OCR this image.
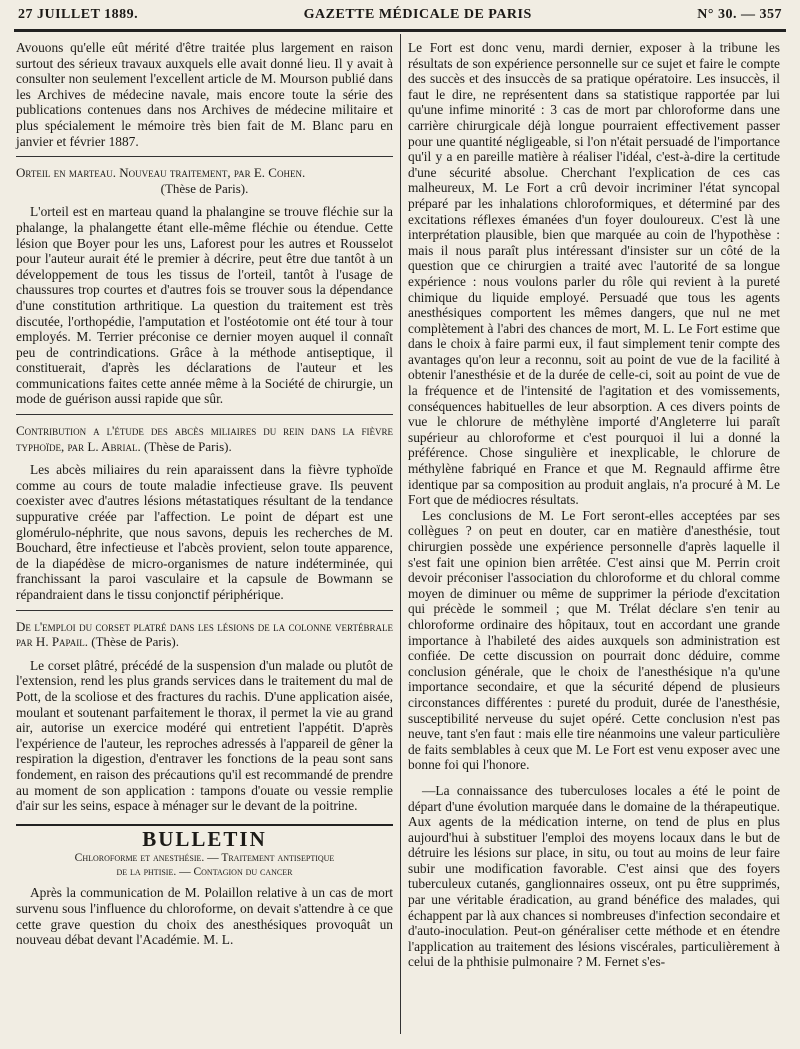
27 JUILLET 1889.	GAZETTE MÉDICALE DE PARIS	N° 30. — 357

Avouons qu'elle eût mérité d'être traitée plus largement en raison surtout des sérieux travaux auxquels elle avait donné lieu. Il y avait à consulter non seulement l'excellent article de M. Mourson publié dans les Archives de médecine navale, mais encore toute la série des publications contenues dans nos Archives de médecine militaire et plus spécialement le mémoire très bien fait de M. Blanc paru en janvier et février 1887.

Orteil en marteau. Nouveau traitement, par E. Cohen.
(Thèse de Paris).

L'orteil est en marteau quand la phalangine se trouve fléchie sur la phalange, la phalangette étant elle-même fléchie ou étendue. Cette lésion que Boyer pour les uns, Laforest pour les autres et Rousselot pour l'auteur aurait été le premier à décrire, peut être due tantôt à un développement de tous les tissus de l'orteil, tantôt à l'usage de chaussures trop courtes et d'autres fois se trouver sous la dépendance d'une constitution arthritique. La question du traitement est très discutée, l'orthopédie, l'amputation et l'ostéotomie ont été tour à tour employés. M. Terrier préconise ce dernier moyen auquel il connaît peu de contrindications. Grâce à la méthode antiseptique, il constituerait, d'après les déclarations de l'auteur et les communications faites cette année même à la Société de chirurgie, un mode de guérison aussi rapide que sûr.

Contribution a l'étude des abcès miliaires du rein dans la fièvre typhoïde, par L. Abrial. (Thèse de Paris).

Les abcès miliaires du rein aparaissent dans la fièvre typhoïde comme au cours de toute maladie infectieuse grave. Ils peuvent coexister avec d'autres lésions métastatiques résultant de la tendance suppurative créée par l'affection. Le point de départ est une glomérulo-néphrite, que nous savons, depuis les recherches de M. Bouchard, être infectieuse et l'abcès provient, selon toute apparence, de la diapédèse de micro-organismes de nature indéterminée, qui franchissant la paroi vasculaire et la capsule de Bowmann se répandraient dans le tissu conjonctif périphérique.

De l'emploi du corset platré dans les lésions de la colonne vertébrale par H. Papail. (Thèse de Paris).

Le corset plâtré, précédé de la suspension d'un malade ou plutôt de l'extension, rend les plus grands services dans le traitement du mal de Pott, de la scoliose et des fractures du rachis. D'une application aisée, moulant et soutenant parfaitement le thorax, il permet la vie au grand air, autorise un exercice modéré qui entretient l'appétit. D'après l'expérience de l'auteur, les reproches adressés à l'appareil de gêner la respiration la digestion, d'entraver les fonctions de la peau sont sans fondement, en raison des précautions qu'il est recommandé de prendre au moment de son application : tampons d'ouate ou vessie remplie d'air sur les seins, espace à ménager sur le devant de la poitrine.

BULLETIN
Chloroforme et anesthésie. — Traitement antiseptique
de la phtisie. — Contagion du cancer

Après la communication de M. Polaillon relative à un cas de mort survenu sous l'influence du chloroforme, on devait s'attendre à ce que cette grave question du choix des anesthésiques provoquât un nouveau débat devant l'Académie. M. L.

Le Fort est donc venu, mardi dernier, exposer à la tribune les résultats de son expérience personnelle sur ce sujet et faire le compte des succès et des insuccès de sa pratique opératoire. Les insuccès, il faut le dire, ne représentent dans sa statistique rapportée par lui qu'une infime minorité : 3 cas de mort par chloroforme dans une carrière chirurgicale déjà longue pourraient effectivement passer pour une quantité négligeable, si l'on n'était persuadé de l'importance qu'il y a en pareille matière à réaliser l'idéal, c'est-à-dire la certitude d'une sécurité absolue. Cherchant l'explication de ces cas malheureux, M. Le Fort a crû devoir incriminer l'état syncopal préparé par les inhalations chloroformiques, et déterminé par des excitations réflexes émanées d'un foyer douloureux. C'est là une interprétation plausible, bien que marquée au coin de l'hypothèse : mais il nous paraît plus intéressant d'insister sur un côté de la question que ce chirurgien a traité avec l'autorité de sa longue expérience : nous voulons parler du rôle qui revient à la pureté chimique du liquide employé. Persuadé que tous les agents anesthésiques comportent les mêmes dangers, que nul ne met complètement à l'abri des chances de mort, M. L. Le Fort estime que dans le choix à faire parmi eux, il faut simplement tenir compte des avantages qu'on leur a reconnu, soit au point de vue de la facilité à obtenir l'anesthésie et de la durée de celle-ci, soit au point de vue de la fréquence et de l'intensité de l'agitation et des vomissements, conséquences habituelles de leur absorption. A ces divers points de vue le chlorure de méthylène importé d'Angleterre lui paraît supérieur au chloroforme et c'est pourquoi il lui a donné la préférence. Chose singulière et inexplicable, le chlorure de méthylène fabriqué en France et que M. Regnauld affirme être identique par sa composition au produit anglais, n'a procuré à M. Le Fort que de médiocres résultats.

Les conclusions de M. Le Fort seront-elles acceptées par ses collègues ? on peut en douter, car en matière d'anesthésie, tout chirurgien possède une expérience personnelle d'après laquelle il s'est fait une opinion bien arrêtée. C'est ainsi que M. Perrin croit devoir préconiser l'association du chloroforme et du chloral comme moyen de diminuer ou même de supprimer la période d'excitation qui précède le sommeil ; que M. Trélat déclare s'en tenir au chloroforme ordinaire des hôpitaux, tout en accordant une grande importance à l'habileté des aides auxquels son administration est confiée. De cette discussion on pourrait donc déduire, comme conclusion générale, que le choix de l'anesthésique n'a qu'une importance secondaire, et que la sécurité dépend de plusieurs circonstances différentes : pureté du produit, durée de l'anesthésie, susceptibilité nerveuse du sujet opéré. Cette conclusion n'est pas neuve, tant s'en faut : mais elle tire néanmoins une valeur particulière de faits semblables à ceux que M. Le Fort est venu exposer avec une bonne foi qui l'honore.

—La connaissance des tuberculoses locales a été le point de départ d'une évolution marquée dans le domaine de la thérapeutique. Aux agents de la médication interne, on tend de plus en plus aujourd'hui à substituer l'emploi des moyens locaux dans le but de détruire les lésions sur place, in situ, ou tout au moins de leur faire subir une modification favorable. C'est ainsi que des foyers tuberculeux cutanés, ganglionnaires osseux, ont pu être supprimés, par une véritable éradication, au grand bénéfice des malades, qui échappent par là aux chances si nombreuses d'infection secondaire et d'auto-inoculation. Peut-on généraliser cette méthode et en étendre l'application au traitement des lésions viscérales, particulièrement à celui de la phthisie pulmonaire ? M. Fernet s'es-
